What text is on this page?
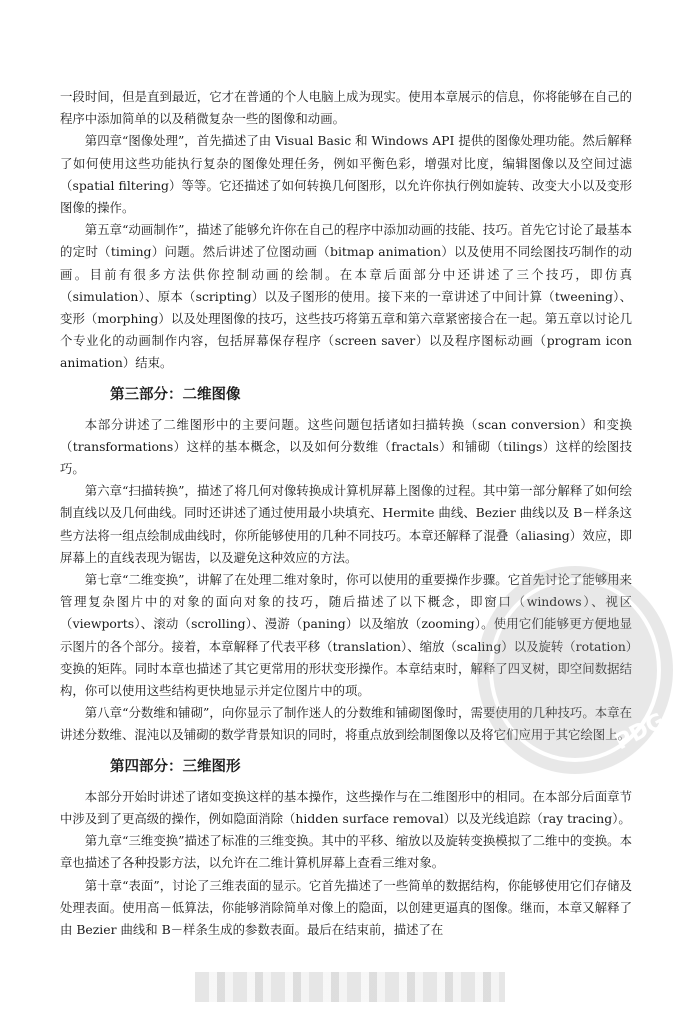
一段时间，但是直到最近，它才在普通的个人电脑上成为现实。使用本章展示的信息，你将能够在自己的程序中添加简单的以及稍微复杂一些的图像和动画。

第四章“图像处理”，首先描述了由 Visual Basic 和 Windows API 提供的图像处理功能。然后解释了如何使用这些功能执行复杂的图像处理任务，例如平衡色彩，增强对比度，编辑图像以及空间过滤（spatial filtering）等等。它还描述了如何转换几何图形，以允许你执行例如旋转、改变大小以及变形图像的操作。

第五章“动画制作”，描述了能够允许你在自己的程序中添加动画的技能、技巧。首先它讨论了最基本的定时（timing）问题。然后讲述了位图动画（bitmap animation）以及使用不同绘图技巧制作的动画。目前有很多方法供你控制动画的绘制。在本章后面部分中还讲述了三个技巧，即仿真（simulation）、原本（scripting）以及子图形的使用。接下来的一章讲述了中间计算（tweening）、变形（morphing）以及处理图像的技巧，这些技巧将第五章和第六章紧密接合在一起。第五章以讨论几个专业化的动画制作内容，包括屏幕保存程序（screen saver）以及程序图标动画（program icon animation）结束。

第三部分：二维图像

本部分讲述了二维图形中的主要问题。这些问题包括诸如扫描转换（scan conversion）和变换（transformations）这样的基本概念，以及如何分数维（fractals）和铺砌（tilings）这样的绘图技巧。

第六章“扫描转换”，描述了将几何对像转换成计算机屏幕上图像的过程。其中第一部分解释了如何绘制直线以及几何曲线。同时还讲述了通过使用最小块填充、Hermite 曲线、Bezier 曲线以及 B－样条这些方法将一组点绘制成曲线时，你所能够使用的几种不同技巧。本章还解释了混叠（aliasing）效应，即屏幕上的直线表现为锯齿，以及避免这种效应的方法。

第七章“二维变换”，讲解了在处理二维对象时，你可以使用的重要操作步骤。它首先讨论了能够用来管理复杂图片中的对象的面向对象的技巧，随后描述了以下概念，即窗口（windows）、视区（viewports）、滚动（scrolling）、漫游（paning）以及缩放（zooming）。使用它们能够更方便地显示图片的各个部分。接着，本章解释了代表平移（translation）、缩放（scaling）以及旋转（rotation）变换的矩阵。同时本章也描述了其它更常用的形状变形操作。本章结束时，解释了四叉树，即空间数据结构，你可以使用这些结构更快地显示并定位图片中的项。

第八章“分数维和铺砌”，向你显示了制作迷人的分数维和铺砌图像时，需要使用的几种技巧。本章在讲述分数维、混沌以及铺砌的数学背景知识的同时，将重点放到绘制图像以及将它们应用于其它绘图上。

第四部分：三维图形

本部分开始时讲述了诸如变换这样的基本操作，这些操作与在二维图形中的相同。在本部分后面章节中涉及到了更高级的操作，例如隐面消除（hidden surface removal）以及光线追踪（ray tracing）。

第九章“三维变换”描述了标准的三维变换。其中的平移、缩放以及旋转变换模拟了二维中的变换。本章也描述了各种投影方法，以允许在二维计算机屏幕上查看三维对象。

第十章“表面”，讨论了三维表面的显示。它首先描述了一些简单的数据结构，你能够使用它们存储及处理表面。使用高－低算法，你能够消除简单对像上的隐面，以创建更逼真的图像。继而，本章又解释了由 Bezier 曲线和 B－样条生成的参数表面。最后在结束前，描述了在

PDG
